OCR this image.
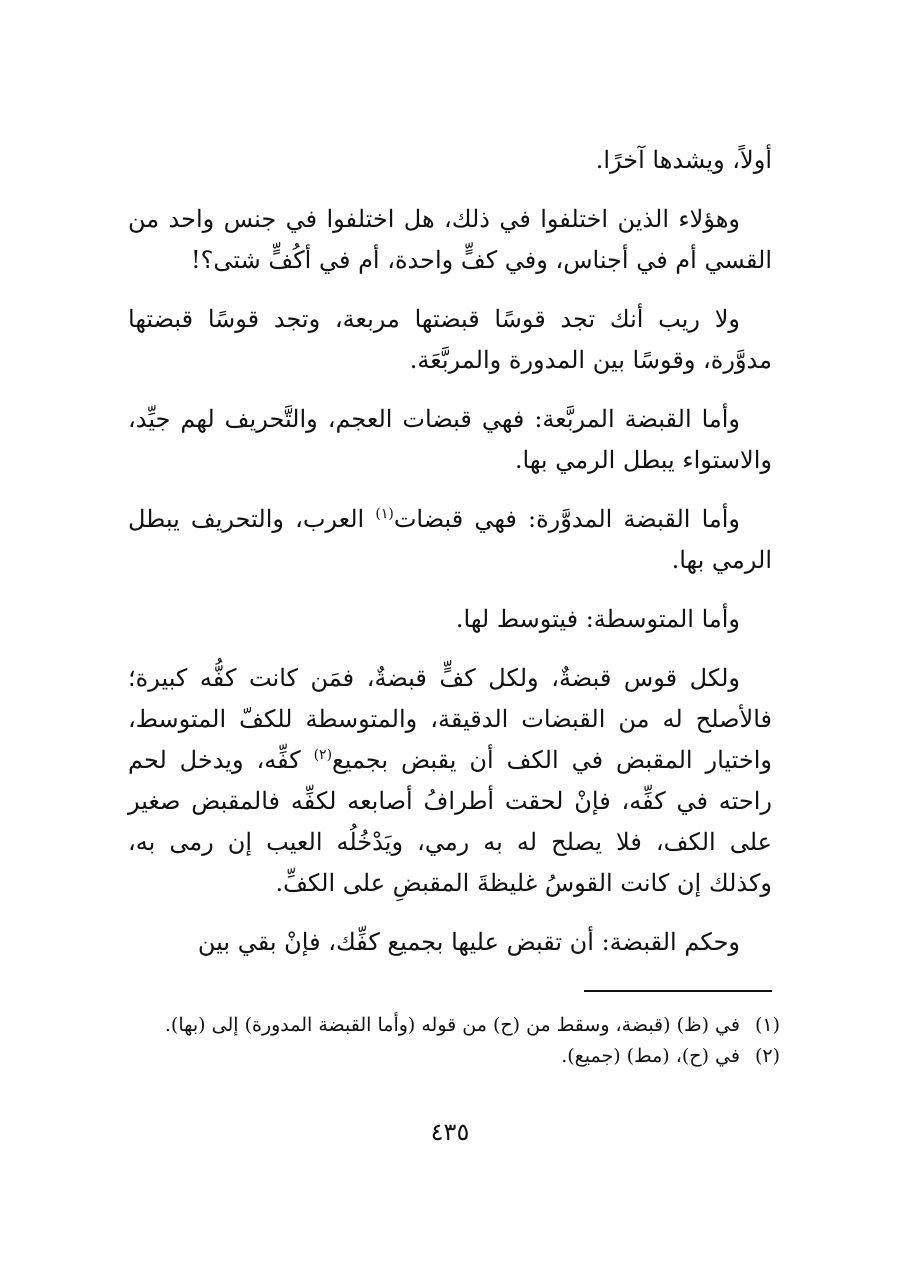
أولاً، ويشدها آخرًا.

وهؤلاء الذين اختلفوا في ذلك، هل اختلفوا في جنس واحد من القسي أم في أجناس، وفي كفٍّ واحدة، أم في أكُفٍّ شتى؟!

ولا ريب أنك تجد قوسًا قبضتها مربعة، وتجد قوسًا قبضتها مدوَّرة، وقوسًا بين المدورة والمربَّعَة.

وأما القبضة المربَّعة: فهي قبضات العجم، والتَّحريف لهم جيِّد، والاستواء يبطل الرمي بها.

وأما القبضة المدوَّرة: فهي قبضات$^{(١)}$ العرب، والتحريف يبطل الرمي بها.

وأما المتوسطة: فيتوسط لها.

ولكل قوس قبضةٌ، ولكل كفٍّ قبضةٌ، فمَن كانت كفُّه كبيرة؛ فالأصلح له من القبضات الدقيقة، والمتوسطة للكفّ المتوسط، واختيار المقبض في الكف أن يقبض بجميع$^{(٢)}$ كفِّه، ويدخل لحم راحته في كفِّه، فإنْ لحقت أطرافُ أصابعه لكفِّه فالمقبض صغير على الكف، فلا يصلح له به رمي، ويَدْخُلُه العيب إن رمى به، وكذلك إن كانت القوسُ غليظةَ المقبضِ على الكفِّ.

وحكم القبضة: أن تقبض عليها بجميع كفِّك، فإنْ بقي بين

(١) في (ظ) (قبضة، وسقط من (ح) من قوله (وأما القبضة المدورة) إلى (بها).

(٢) في (ح)، (مط) (جميع).

٤٣٥
